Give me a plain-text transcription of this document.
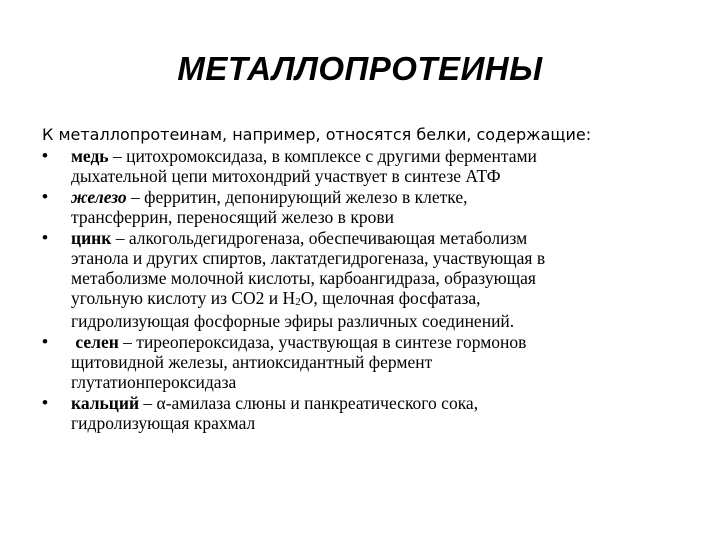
МЕТАЛЛОПРОТЕИНЫ

К металлопротеинам, например, относятся белки, содержащие:

• медь – цитохромоксидаза, в комплексе с другими ферментами
дыхательной цепи митохондрий участвует в синтезе АТФ
• железо – ферритин, депонирующий железо в клетке,
трансферрин, переносящий железо в крови
• цинк – алкогольдегидрогеназа, обеспечивающая метаболизм
этанола и других спиртов, лактатдегидрогеназа, участвующая в
метаболизме молочной кислоты, карбоангидраза, образующая
угольную кислоту из СО2 и $Н_2О$, щелочная фосфатаза,
гидролизующая фосфорные эфиры различных соединений.
• селен – тиреопероксидаза, участвующая в синтезе гормонов
щитовидной железы, антиоксидантный фермент
глутатионпероксидаза
• кальций – α-амилаза слюны и панкреатического сока,
гидролизующая крахмал
